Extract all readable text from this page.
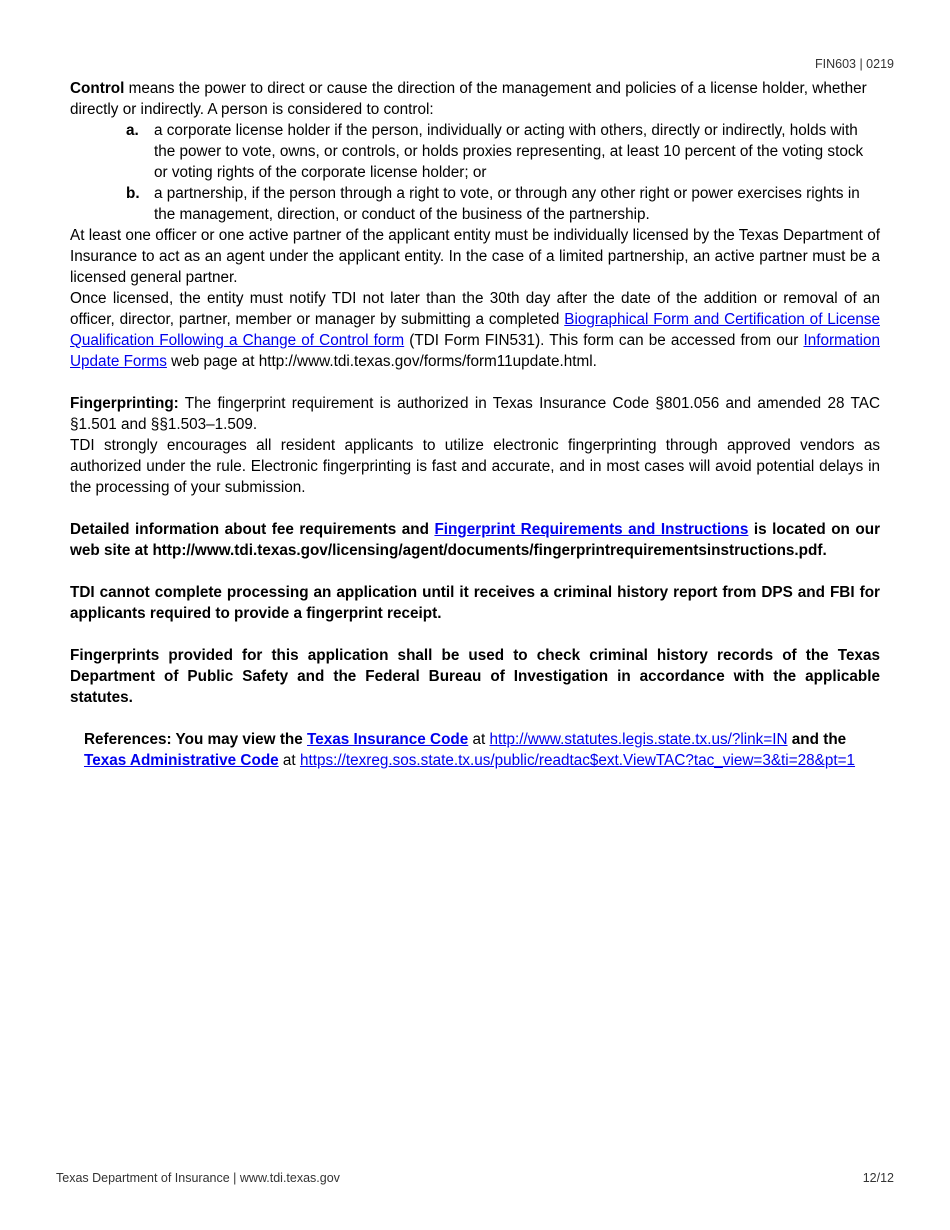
FIN603 | 0219

Control means the power to direct or cause the direction of the management and policies of a license holder, whether directly or indirectly. A person is considered to control:

a. a corporate license holder if the person, individually or acting with others, directly or indirectly, holds with the power to vote, owns, or controls, or holds proxies representing, at least 10 percent of the voting stock or voting rights of the corporate license holder; or
b. a partnership, if the person through a right to vote, or through any other right or power exercises rights in the management, direction, or conduct of the business of the partnership.

At least one officer or one active partner of the applicant entity must be individually licensed by the Texas Department of Insurance to act as an agent under the applicant entity. In the case of a limited partnership, an active partner must be a licensed general partner.

Once licensed, the entity must notify TDI not later than the 30th day after the date of the addition or removal of an officer, director, partner, member or manager by submitting a completed Biographical Form and Certification of License Qualification Following a Change of Control form (TDI Form FIN531). This form can be accessed from our Information Update Forms web page at http://www.tdi.texas.gov/forms/form11update.html.

Fingerprinting: The fingerprint requirement is authorized in Texas Insurance Code §801.056 and amended 28 TAC §1.501 and §§1.503–1.509.

TDI strongly encourages all resident applicants to utilize electronic fingerprinting through approved vendors as authorized under the rule. Electronic fingerprinting is fast and accurate, and in most cases will avoid potential delays in the processing of your submission.

Detailed information about fee requirements and Fingerprint Requirements and Instructions is located on our web site at http://www.tdi.texas.gov/licensing/agent/documents/fingerprintrequirementsinstructions.pdf.

TDI cannot complete processing an application until it receives a criminal history report from DPS and FBI for applicants required to provide a fingerprint receipt.

Fingerprints provided for this application shall be used to check criminal history records of the Texas Department of Public Safety and the Federal Bureau of Investigation in accordance with the applicable statutes.

References: You may view the Texas Insurance Code at http://www.statutes.legis.state.tx.us/?link=IN and the

Texas Administrative Code at https://texreg.sos.state.tx.us/public/readtac$ext.ViewTAC?tac_view=3&ti=28&pt=1

Texas Department of Insurance | www.tdi.texas.gov	12/12
